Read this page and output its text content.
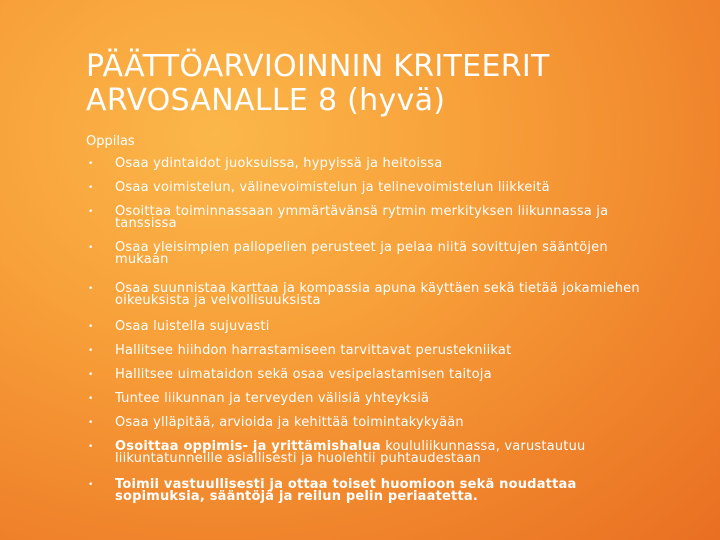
PÄÄTTÖARVIOINNIN KRITEERIT
ARVOSANALLE 8 (hyvä)
Oppilas
•	Osaa ydintaidot juoksuissa, hypyissä ja heitoissa
•	Osaa voimistelun, välinevoimistelun ja telinevoimistelun liikkeitä
•	Osoittaa toiminnassaan ymmärtävänsä rytmin merkityksen liikunnassa ja tanssissa
•	Osaa yleisimpien pallopelien perusteet ja pelaa niitä sovittujen sääntöjen mukaan
•	Osaa suunnistaa karttaa ja kompassia apuna käyttäen sekä tietää jokamiehen oikeuksista ja velvollisuuksista
•	Osaa luistella sujuvasti
•	Hallitsee hiihdon harrastamiseen tarvittavat perustekniikat
•	Hallitsee uimataidon sekä osaa vesipelastamisen taitoja
•	Tuntee liikunnan ja terveyden välisiä yhteyksiä
•	Osaa ylläpitää, arvioida ja kehittää toimintakykyään
•	Osoittaa oppimis- ja yrittämishalua koululiikunnassa, varustautuu liikuntatunneille asiallisesti ja huolehtii puhtaudestaan
•	Toimii vastuullisesti ja ottaa toiset huomioon sekä noudattaa sopimuksia, sääntöjä ja reilun pelin periaatetta.
